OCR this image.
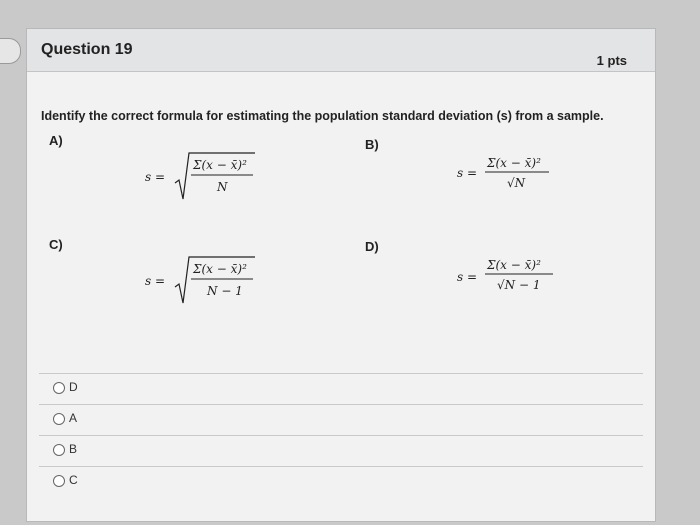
Question 19
1 pts
Identify the correct formula for estimating the population standard deviation (s) from a sample.
A)
s =
Σ(x − x̄)²
N
B)
s =
Σ(x − x̄)²
√N
C)
s =
Σ(x − x̄)²
N − 1
D)
s =
Σ(x − x̄)²
√N − 1
D
A
B
C
